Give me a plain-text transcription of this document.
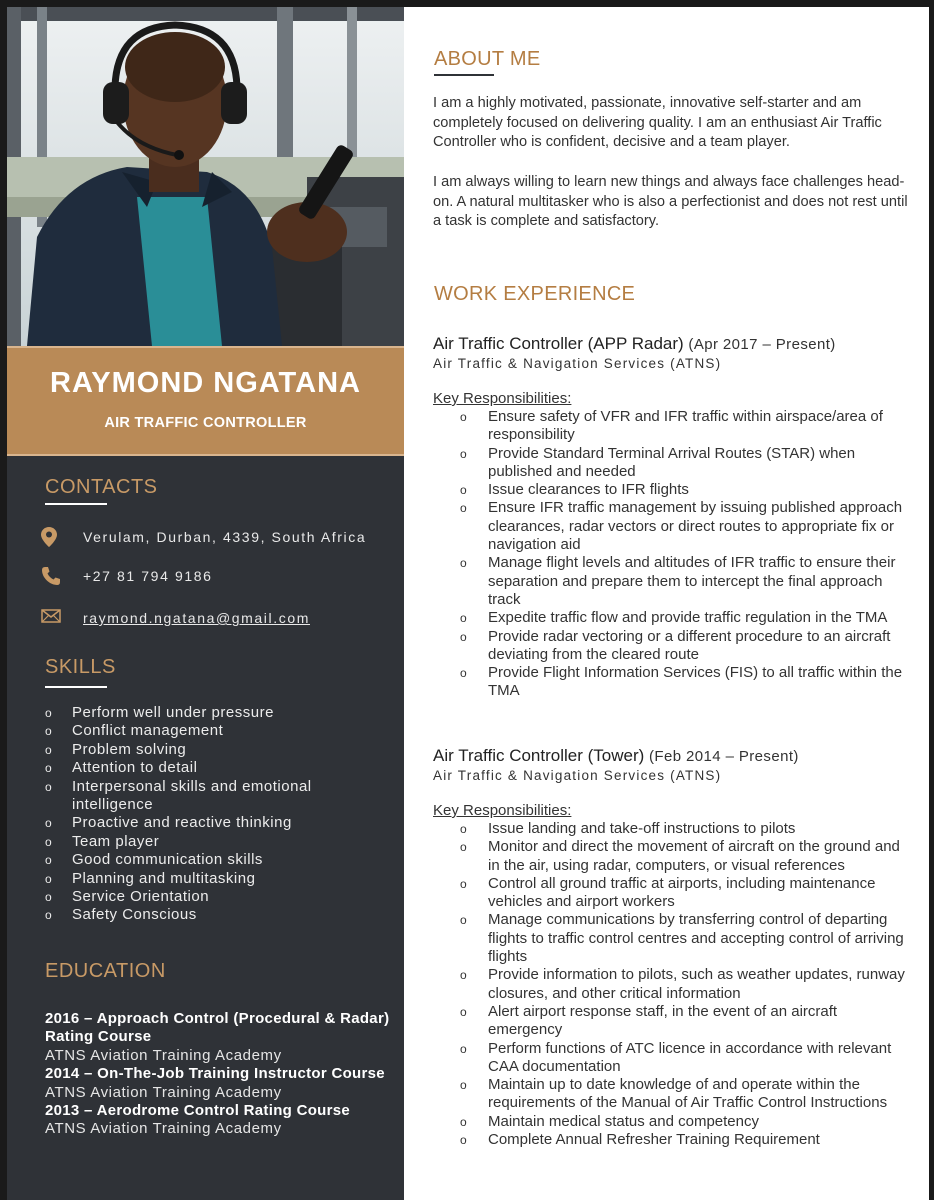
RAYMOND NGATANA
AIR TRAFFIC CONTROLLER
CONTACTS
Verulam, Durban, 4339, South Africa
+27 81 794 9186
raymond.ngatana@gmail.com
SKILLS
o Perform well under pressure
o Conflict management
o Problem solving
o Attention to detail
o Interpersonal skills and emotional intelligence
o Proactive and reactive thinking
o Team player
o Good communication skills
o Planning and multitasking
o Service Orientation
o Safety Conscious
EDUCATION
2016 – Approach Control (Procedural & Radar) Rating Course
ATNS Aviation Training Academy
2014 – On-The-Job Training Instructor Course
ATNS Aviation Training Academy
2013 – Aerodrome Control Rating Course
ATNS Aviation Training Academy
ABOUT ME

I am a highly motivated, passionate, innovative self-starter and am completely focused on delivering quality. I am an enthusiast Air Traffic Controller who is confident, decisive and a team player.

I am always willing to learn new things and always face challenges head-on. A natural multitasker who is also a perfectionist and does not rest until a task is complete and satisfactory.

WORK EXPERIENCE
Air Traffic Controller (APP Radar) (Apr 2017 – Present)
Air Traffic & Navigation Services (ATNS)
Key Responsibilities:
o Ensure safety of VFR and IFR traffic within airspace/area of responsibility
o Provide Standard Terminal Arrival Routes (STAR) when published and needed
o Issue clearances to IFR flights
o Ensure IFR traffic management by issuing published approach clearances, radar vectors or direct routes to appropriate fix or navigation aid
o Manage flight levels and altitudes of IFR traffic to ensure their separation and prepare them to intercept the final approach track
o Expedite traffic flow and provide traffic regulation in the TMA
o Provide radar vectoring or a different procedure to an aircraft deviating from the cleared route
o Provide Flight Information Services (FIS) to all traffic within the TMA
Air Traffic Controller (Tower) (Feb 2014 – Present)
Air Traffic & Navigation Services (ATNS)
Key Responsibilities:
o Issue landing and take-off instructions to pilots
o Monitor and direct the movement of aircraft on the ground and in the air, using radar, computers, or visual references
o Control all ground traffic at airports, including maintenance vehicles and airport workers
o Manage communications by transferring control of departing flights to traffic control centres and accepting control of arriving flights
o Provide information to pilots, such as weather updates, runway closures, and other critical information
o Alert airport response staff, in the event of an aircraft emergency
o Perform functions of ATC licence in accordance with relevant CAA documentation
o Maintain up to date knowledge of and operate within the requirements of the Manual of Air Traffic Control Instructions
o Maintain medical status and competency
o Complete Annual Refresher Training Requirement
